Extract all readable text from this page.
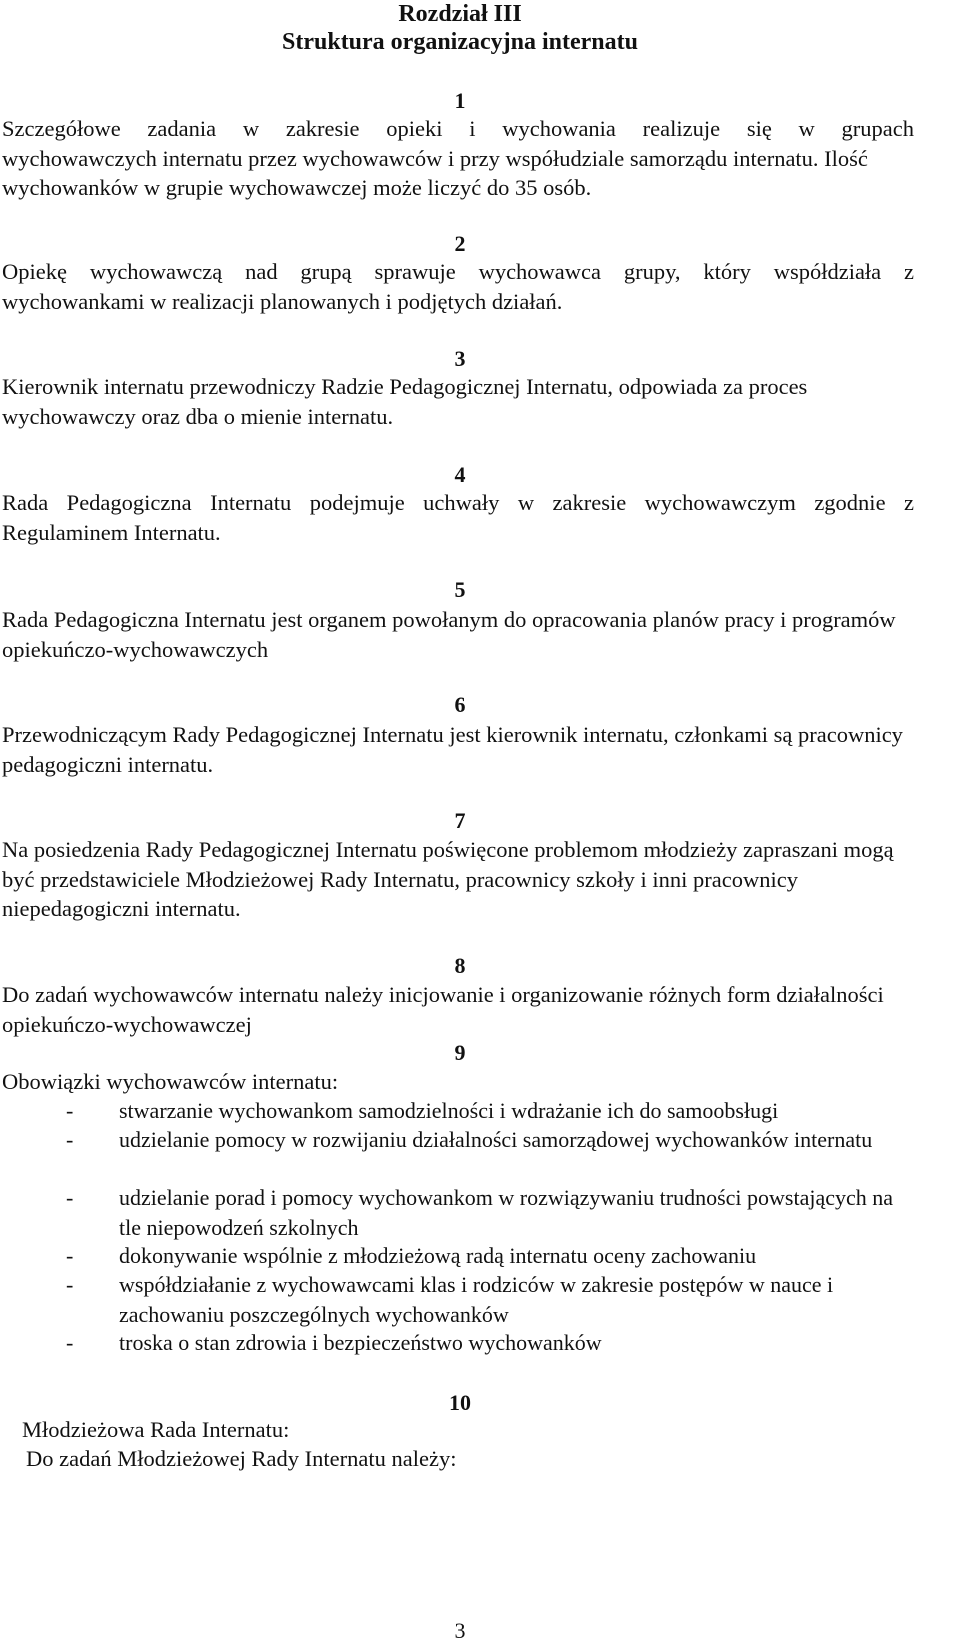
Rozdział III
Struktura organizacyjna internatu
1
Szczegółowe zadania w zakresie opieki i wychowania realizuje się w grupach
wychowawczych internatu przez wychowawców i przy współudziale samorządu internatu. Ilość wychowanków w grupie wychowawczej może liczyć do 35 osób.
2
Opiekę wychowawczą nad grupą sprawuje wychowawca grupy, który współdziała z
wychowankami w realizacji planowanych i podjętych działań.
3
Kierownik internatu przewodniczy Radzie Pedagogicznej Internatu, odpowiada za proces wychowawczy oraz dba o mienie internatu.
4
Rada Pedagogiczna Internatu podejmuje uchwały w zakresie wychowawczym zgodnie z
Regulaminem Internatu.
5
Rada Pedagogiczna Internatu jest organem powołanym do opracowania planów pracy i programów opiekuńczo-wychowawczych
6
Przewodniczącym Rady Pedagogicznej Internatu jest kierownik internatu, członkami są pracownicy pedagogiczni internatu.
7
Na posiedzenia Rady Pedagogicznej Internatu poświęcone problemom młodzieży zapraszani mogą być przedstawiciele Młodzieżowej Rady Internatu, pracownicy szkoły i inni pracownicy niepedagogiczni internatu.
8
Do zadań wychowawców internatu należy inicjowanie i organizowanie różnych form działalności opiekuńczo-wychowawczej
9
Obowiązki wychowawców internatu:
-	stwarzanie wychowankom samodzielności i wdrażanie ich do samoobsługi
-	udzielanie pomocy w rozwijaniu działalności samorządowej wychowanków internatu
-	udzielanie porad i pomocy wychowankom w rozwiązywaniu trudności powstających na tle niepowodzeń szkolnych
-	dokonywanie wspólnie z młodzieżową radą internatu oceny zachowaniu
-	współdziałanie z wychowawcami klas i rodziców w zakresie postępów w nauce i zachowaniu poszczególnych wychowanków
-	troska o stan zdrowia i bezpieczeństwo wychowanków
10
Młodzieżowa Rada Internatu:
Do zadań Młodzieżowej Rady Internatu należy:
3
